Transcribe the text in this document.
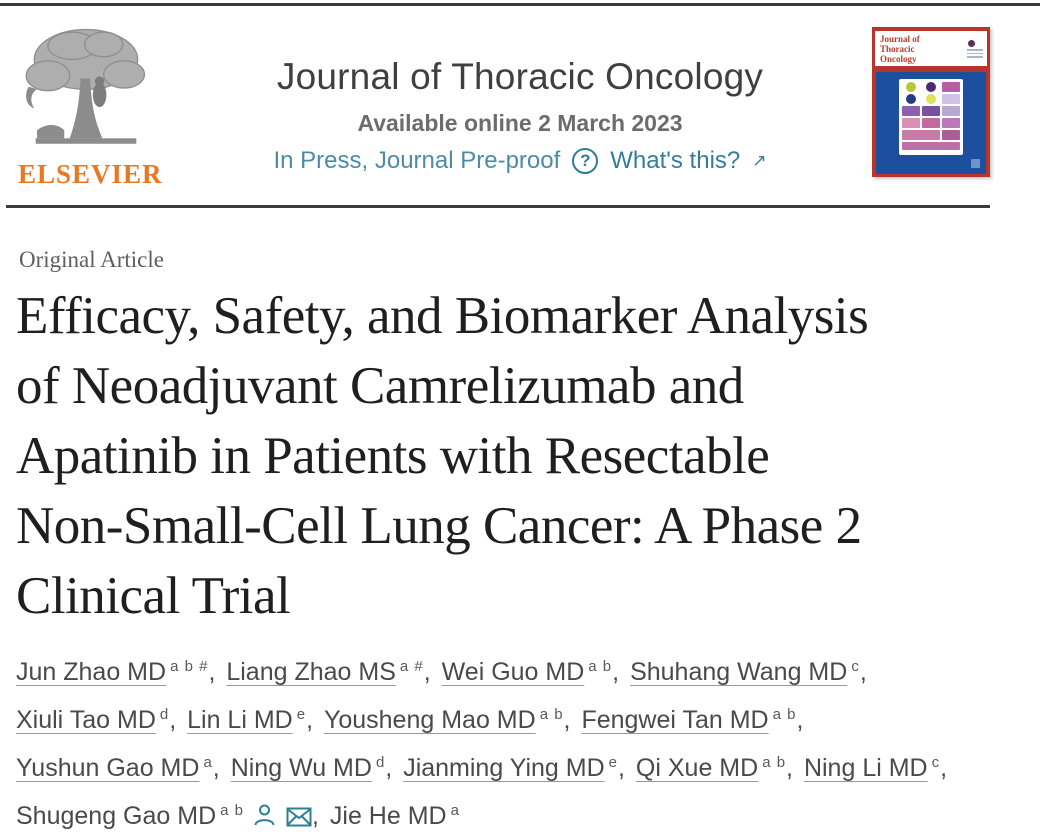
ELSEVIER
Journal of Thoracic Oncology
Available online 2 March 2023
In Press, Journal Pre-proof	? What's this? ↗
Journal of
Thoracic
Oncology
Original Article
Efficacy, Safety, and Biomarker Analysis
of Neoadjuvant Camrelizumab and
Apatinib in Patients with Resectable
Non-Small-Cell Lung Cancer: A Phase 2
Clinical Trial
Jun Zhao MD $^{a b \#}$, Liang Zhao MS $^{a \#}$, Wei Guo MD $^{a b}$, Shuhang Wang MD $^c$,
Xiuli Tao MD $^d$, Lin Li MD $^e$, Yousheng Mao MD $^{a b}$, Fengwei Tan MD $^{a b}$,
Yushun Gao MD $^a$, Ning Wu MD $^d$, Jianming Ying MD $^e$, Qi Xue MD $^{a b}$, Ning Li MD $^c$,
Shugeng Gao MD $^{a b}$	, Jie He MD $^a$
